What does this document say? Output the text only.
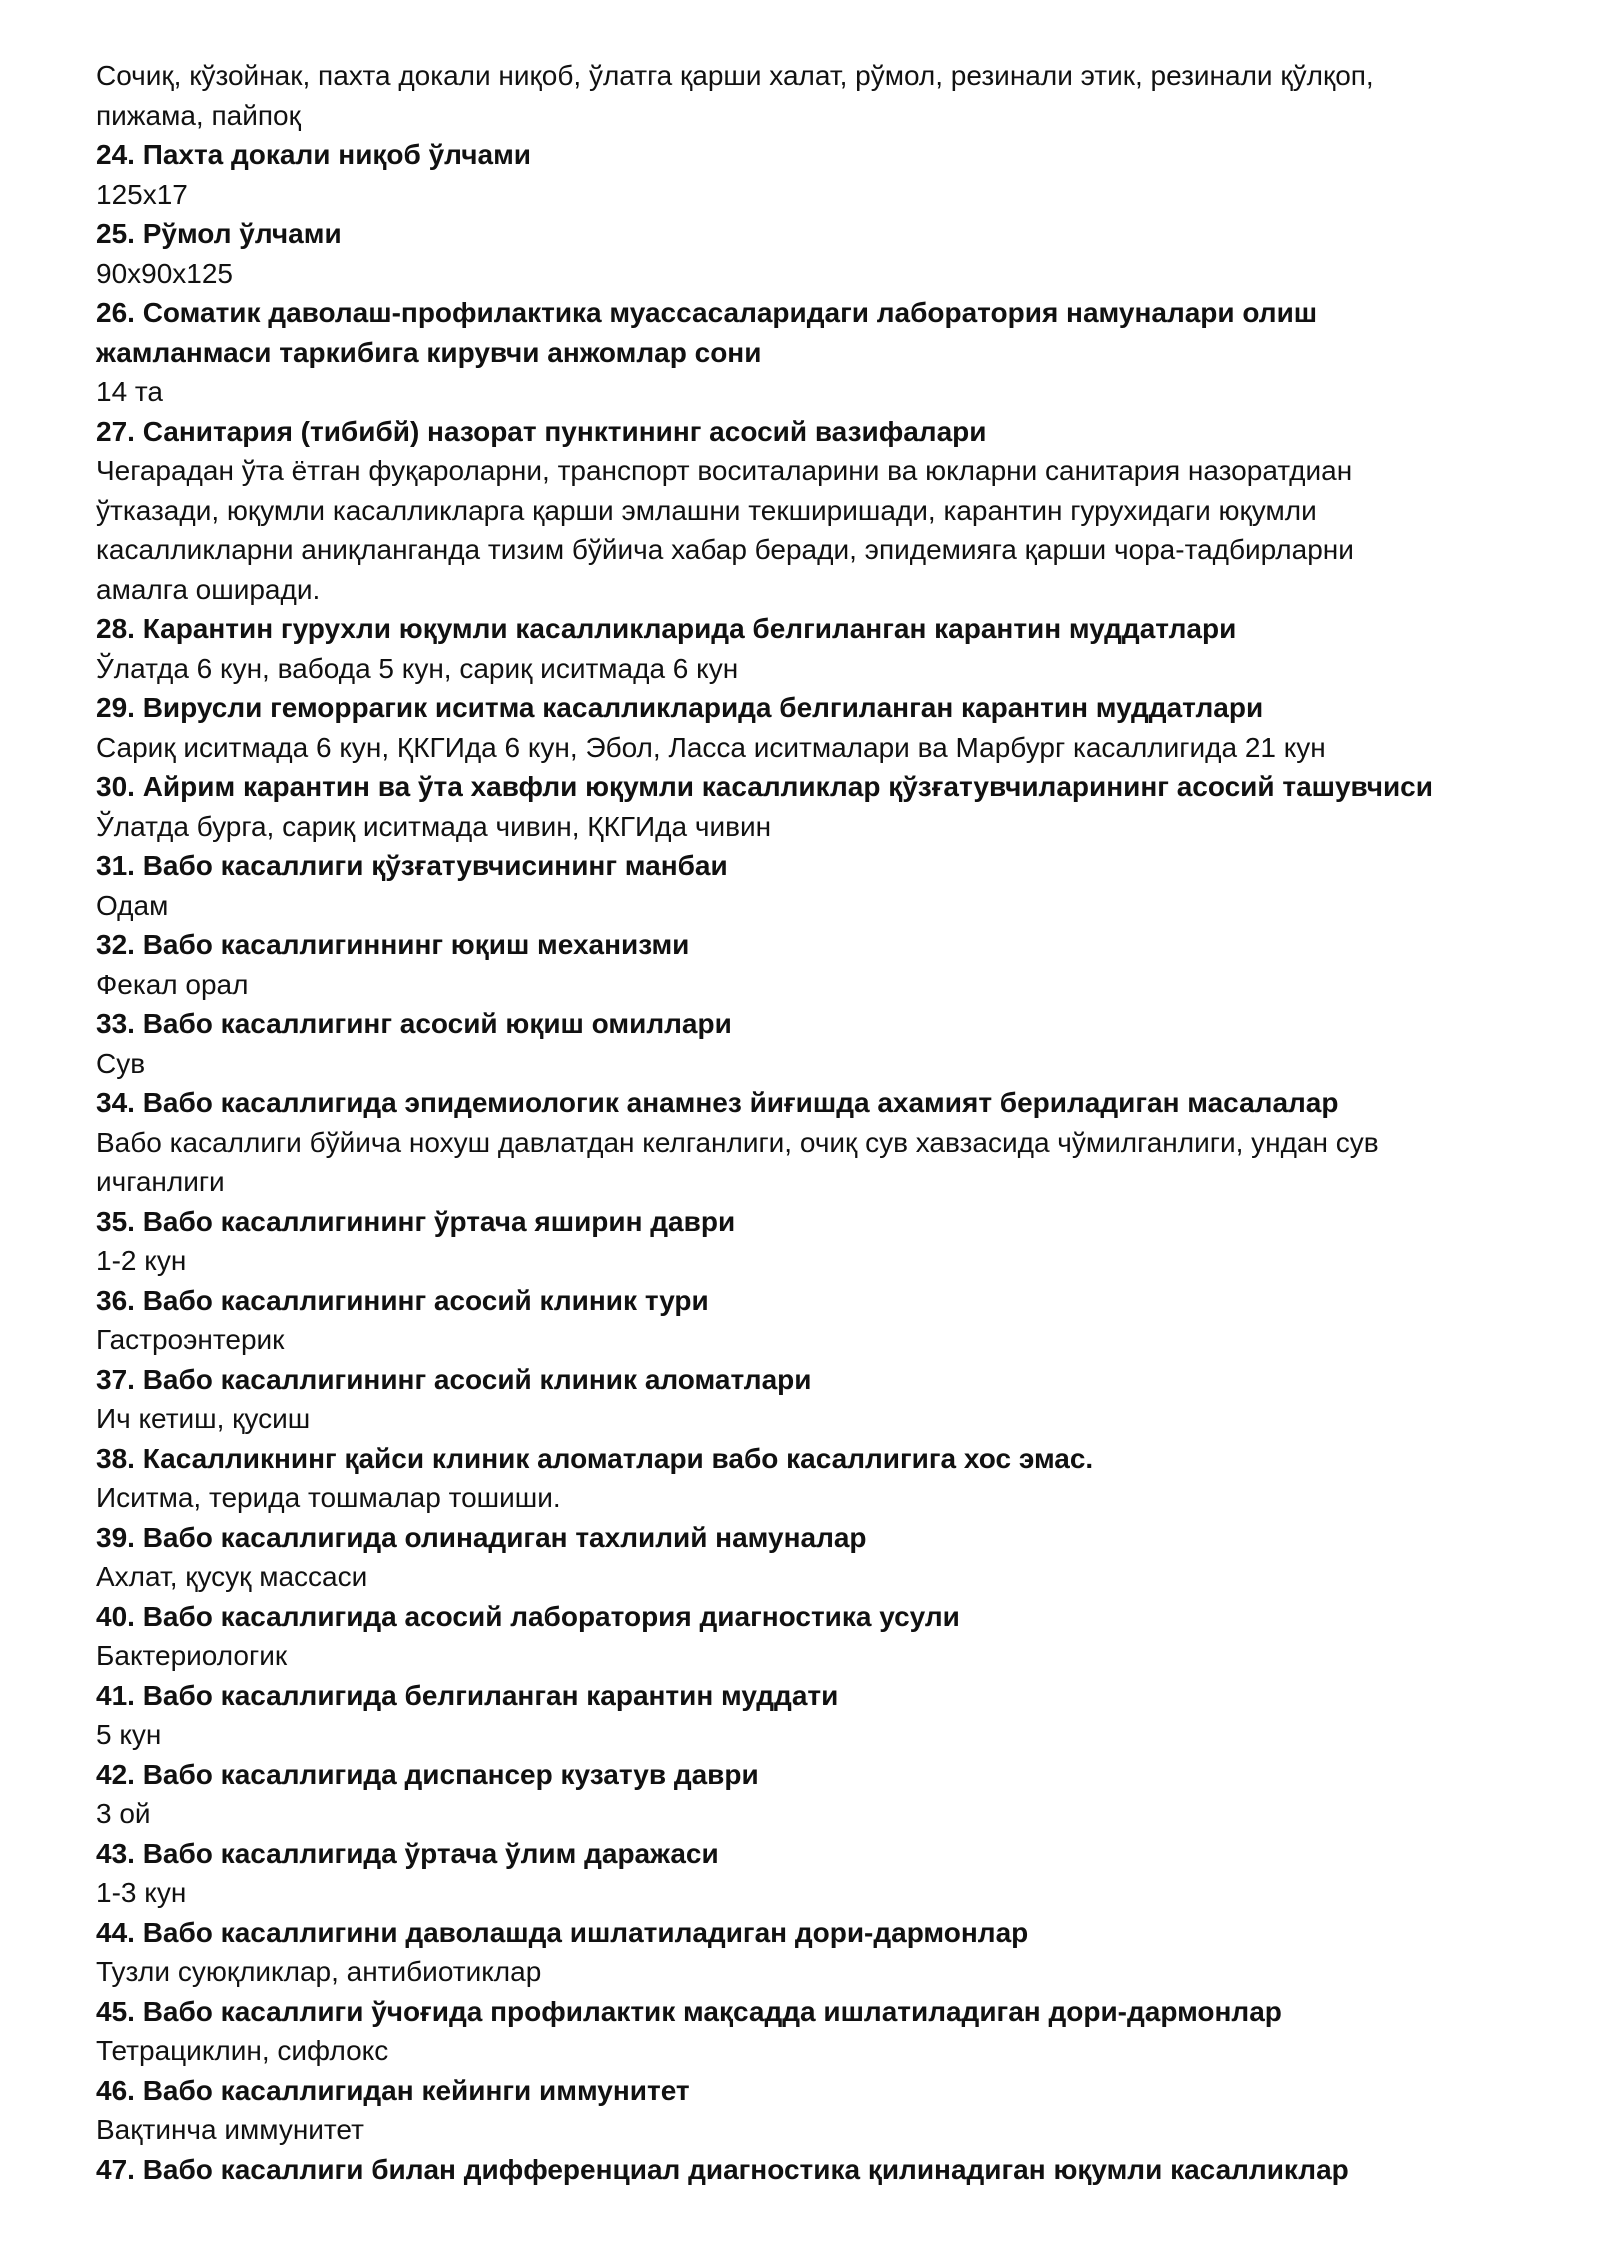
Сочиқ, кўзойнак, пахта докали ниқоб, ўлатга қарши халат, рўмол, резинали этик, резинали қўлқоп,

пижама, пайпоқ

24. Пахта докали ниқоб ўлчами

125x17

25. Рўмол ўлчами

90x90x125

26. Соматик даволаш-профилактика муассасаларидаги лаборатория намуналари олиш

жамланмаси таркибига кирувчи анжомлар сони

14 та

27. Санитария (тибибй) назорат пунктининг асосий вазифалари

Чегарадан ўта ётган фуқароларни, транспорт воситаларини ва юкларни санитария назоратдиан

ўтказади, юқумли касалликларга қарши эмлашни текширишади, карантин гурухидаги юқумли

касалликларни аниқланганда тизим бўйича хабар беради, эпидемияга қарши чора-тадбирларни

амалга оширади.

28. Карантин гурухли юқумли касалликларида белгиланган карантин муддатлари

Ўлатда 6 кун, вабода 5 кун, сариқ иситмада 6 кун

29. Вирусли геморрагик иситма касалликларида белгиланган карантин муддатлари

Сариқ иситмада 6 кун, ҚКГИда 6 кун, Эбол, Ласса иситмалари ва Марбург касаллигида 21 кун

30. Айрим карантин ва ўта хавфли юқумли касалликлар қўзғатувчиларининг асосий ташувчиси

Ўлатда бурга, сариқ иситмада чивин, ҚКГИда чивин

31. Вабо касаллиги қўзғатувчисининг манбаи

Одам

32. Вабо касаллигиннинг юқиш механизми

Фекал орал

33. Вабо касаллигинг асосий юқиш омиллари

Сув

34. Вабо касаллигида эпидемиологик анамнез йиғишда ахамият бериладиган масалалар

Вабо касаллиги бўйича нохуш давлатдан келганлиги, очиқ сув хавзасида чўмилганлиги, ундан сув

ичганлиги

35. Вабо касаллигининг ўртача яширин даври

1-2 кун

36. Вабо касаллигининг асосий клиник тури

Гастроэнтерик

37. Вабо касаллигининг асосий клиник аломатлари

Ич кетиш, қусиш

38. Касалликнинг қайси клиник аломатлари вабо касаллигига хос эмас.

Иситма, терида тошмалар тошиши.

39. Вабо касаллигида олинадиган тахлилий намуналар

Ахлат, қусуқ массаси

40. Вабо касаллигида асосий лаборатория диагностика усули

Бактериологик

41. Вабо касаллигида белгиланган карантин муддати

5 кун

42. Вабо касаллигида диспансер кузатув даври

3 ой

43. Вабо касаллигида ўртача ўлим даражаси

1-3 кун

44. Вабо касаллигини даволашда ишлатиладиган дори-дармонлар

Тузли суюқликлар, антибиотиклар

45. Вабо касаллиги ўчоғида профилактик мақсадда ишлатиладиган дори-дармонлар

Тетрациклин, сифлокс

46. Вабо касаллигидан кейинги иммунитет

Вақтинча иммунитет

47. Вабо касаллиги билан дифференциал диагностика қилинадиган юқумли касалликлар
